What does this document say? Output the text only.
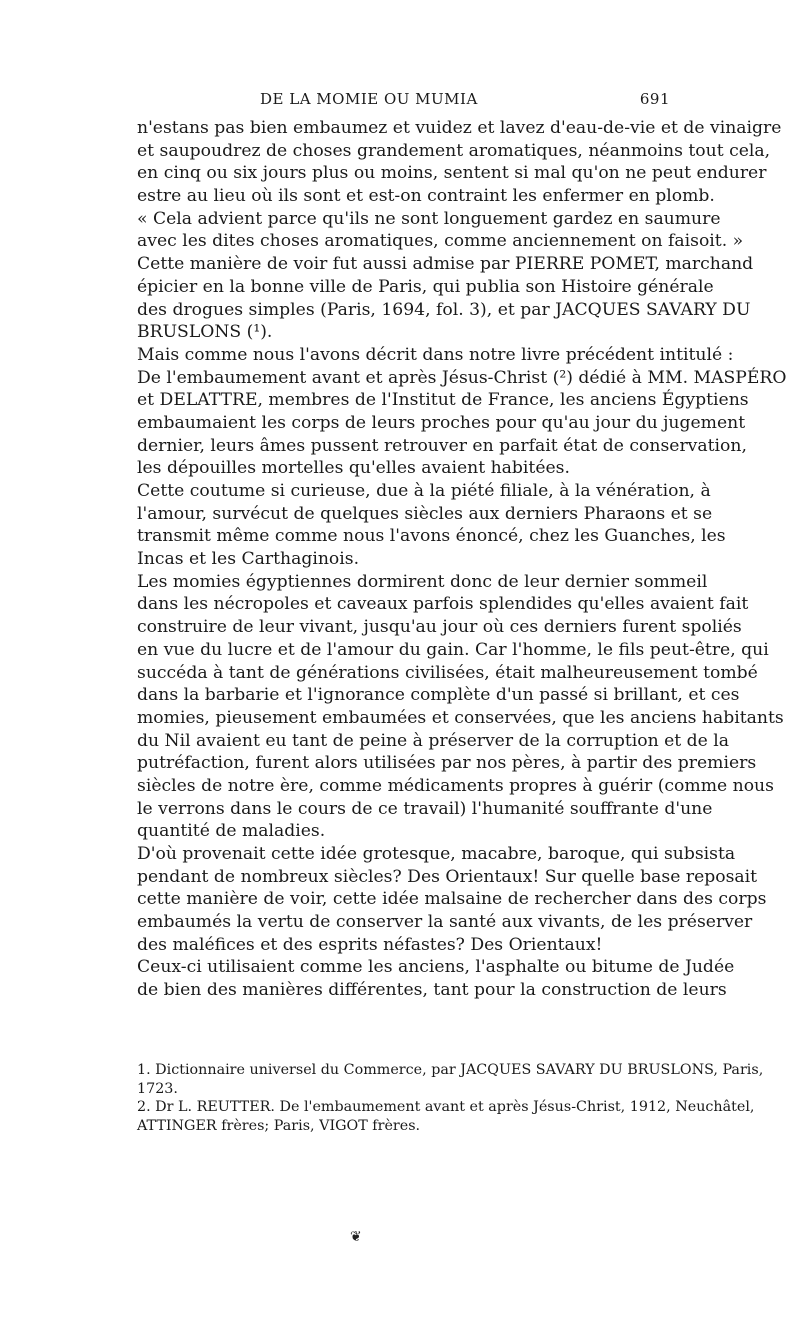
DE LA MOMIE OU MUMIA	691
n'estans pas bien embaumez et vuidez et lavez d'eau-de-vie et de vinaigre
et saupoudrez de choses grandement aromatiques, néanmoins tout cela,
en cinq ou six jours plus ou moins, sentent si mal qu'on ne peut endurer
estre au lieu où ils sont et est-on contraint les enfermer en plomb.
« Cela advient parce qu'ils ne sont longuement gardez en saumure
avec les dites choses aromatiques, comme anciennement on faisoit. »
Cette manière de voir fut aussi admise par PIERRE POMET, marchand
épicier en la bonne ville de Paris, qui publia son Histoire générale
des drogues simples (Paris, 1694, fol. 3), et par JACQUES SAVARY DU
BRUSLONS (¹).
Mais comme nous l'avons décrit dans notre livre précédent intitulé :
De l'embaumement avant et après Jésus-Christ (²) dédié à MM. MASPÉRO
et DELATTRE, membres de l'Institut de France, les anciens Égyptiens
embaumaient les corps de leurs proches pour qu'au jour du jugement
dernier, leurs âmes pussent retrouver en parfait état de conservation,
les dépouilles mortelles qu'elles avaient habitées.
Cette coutume si curieuse, due à la piété filiale, à la vénération, à
l'amour, survécut de quelques siècles aux derniers Pharaons et se
transmit même comme nous l'avons énoncé, chez les Guanches, les
Incas et les Carthaginois.
Les momies égyptiennes dormirent donc de leur dernier sommeil
dans les nécropoles et caveaux parfois splendides qu'elles avaient fait
construire de leur vivant, jusqu'au jour où ces derniers furent spoliés
en vue du lucre et de l'amour du gain. Car l'homme, le fils peut-être, qui
succéda à tant de générations civilisées, était malheureusement tombé
dans la barbarie et l'ignorance complète d'un passé si brillant, et ces
momies, pieusement embaumées et conservées, que les anciens habitants
du Nil avaient eu tant de peine à préserver de la corruption et de la
putréfaction, furent alors utilisées par nos pères, à partir des premiers
siècles de notre ère, comme médicaments propres à guérir (comme nous
le verrons dans le cours de ce travail) l'humanité souffrante d'une
quantité de maladies.
D'où provenait cette idée grotesque, macabre, baroque, qui subsista
pendant de nombreux siècles? Des Orientaux! Sur quelle base reposait
cette manière de voir, cette idée malsaine de rechercher dans des corps
embaumés la vertu de conserver la santé aux vivants, de les préserver
des maléfices et des esprits néfastes? Des Orientaux!
Ceux-ci utilisaient comme les anciens, l'asphalte ou bitume de Judée
de bien des manières différentes, tant pour la construction de leurs
1. Dictionnaire universel du Commerce, par JACQUES SAVARY DU BRUSLONS, Paris,
1723.
2. Dr L. REUTTER. De l'embaumement avant et après Jésus-Christ, 1912, Neuchâtel,
ATTINGER frères; Paris, VIGOT frères.
❦
